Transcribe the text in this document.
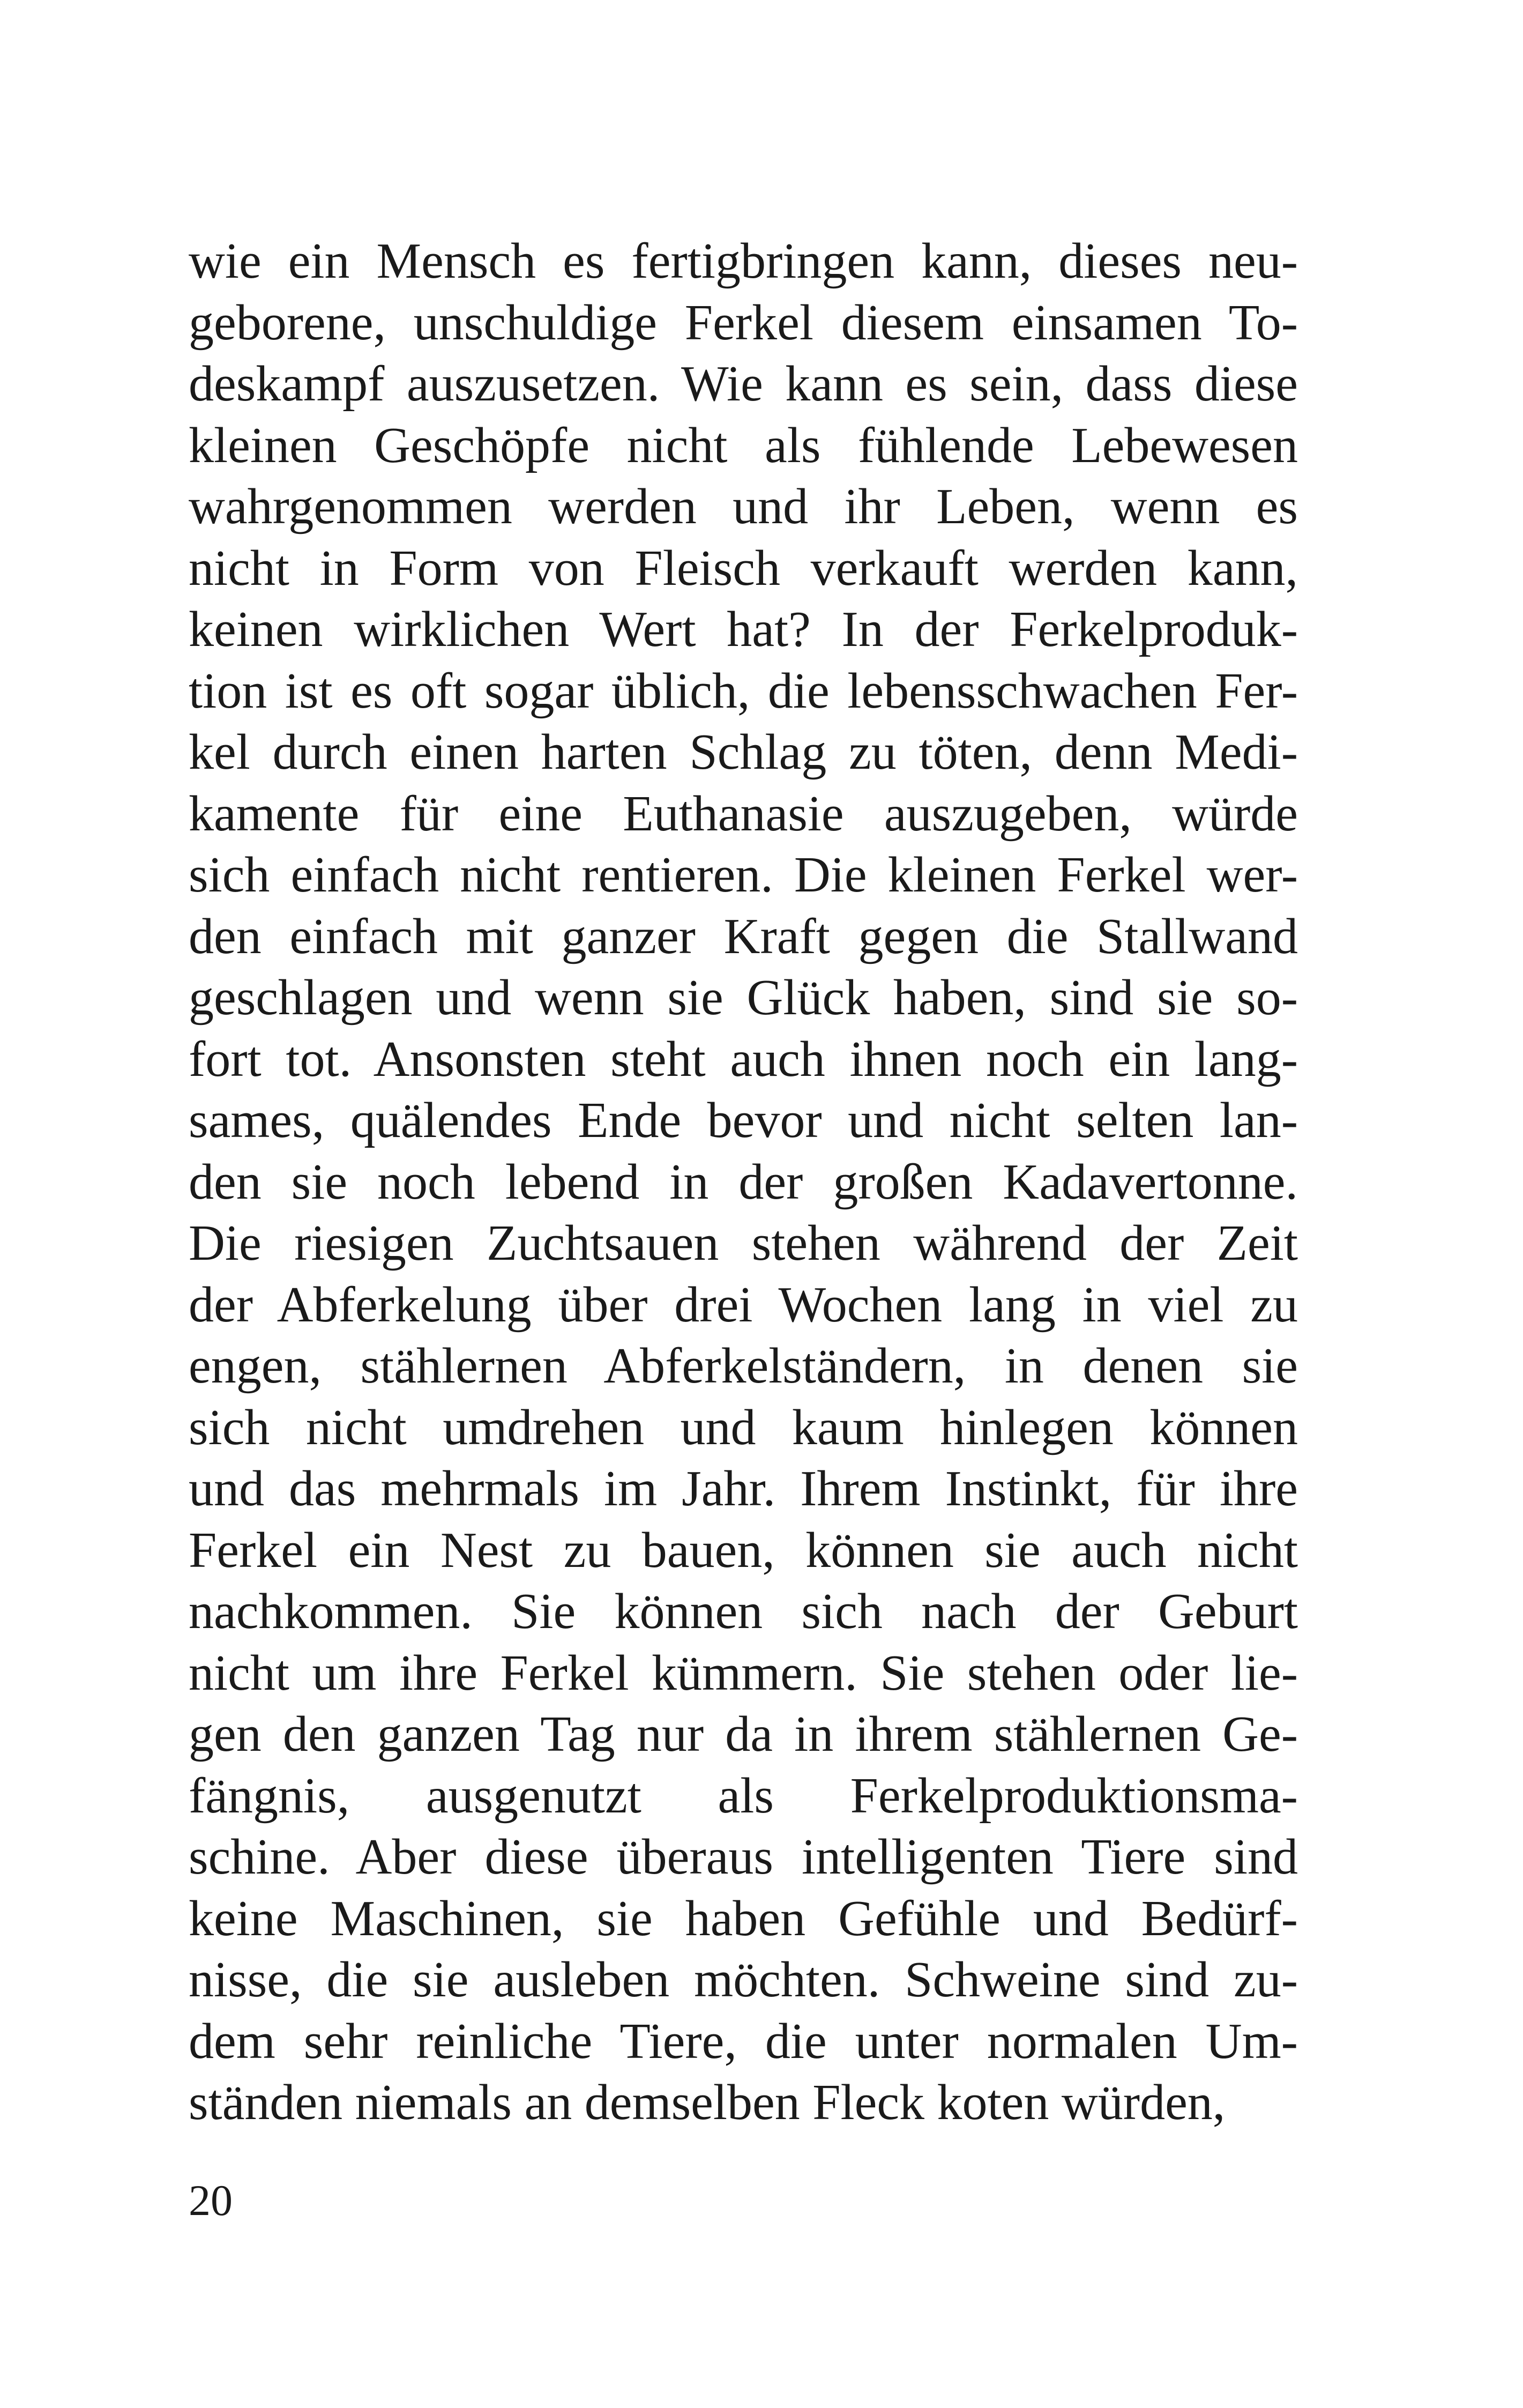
wie ein Mensch es fertigbringen kann, dieses neu-
geborene, unschuldige Ferkel diesem einsamen To-
deskampf auszusetzen. Wie kann es sein, dass diese
kleinen Geschöpfe nicht als fühlende Lebewesen
wahrgenommen werden und ihr Leben, wenn es
nicht in Form von Fleisch verkauft werden kann,
keinen wirklichen Wert hat? In der Ferkelproduk-
tion ist es oft sogar üblich, die lebensschwachen Fer-
kel durch einen harten Schlag zu töten, denn Medi-
kamente für eine Euthanasie auszugeben, würde
sich einfach nicht rentieren. Die kleinen Ferkel wer-
den einfach mit ganzer Kraft gegen die Stallwand
geschlagen und wenn sie Glück haben, sind sie so-
fort tot. Ansonsten steht auch ihnen noch ein lang-
sames, quälendes Ende bevor und nicht selten lan-
den sie noch lebend in der großen Kadavertonne.
Die riesigen Zuchtsauen stehen während der Zeit
der Abferkelung über drei Wochen lang in viel zu
engen, stählernen Abferkelständern, in denen sie
sich nicht umdrehen und kaum hinlegen können
und das mehrmals im Jahr. Ihrem Instinkt, für ihre
Ferkel ein Nest zu bauen, können sie auch nicht
nachkommen. Sie können sich nach der Geburt
nicht um ihre Ferkel kümmern. Sie stehen oder lie-
gen den ganzen Tag nur da in ihrem stählernen Ge-
fängnis, ausgenutzt als Ferkelproduktionsma-
schine. Aber diese überaus intelligenten Tiere sind
keine Maschinen, sie haben Gefühle und Bedürf-
nisse, die sie ausleben möchten. Schweine sind zu-
dem sehr reinliche Tiere, die unter normalen Um-
ständen niemals an demselben Fleck koten würden,
20
